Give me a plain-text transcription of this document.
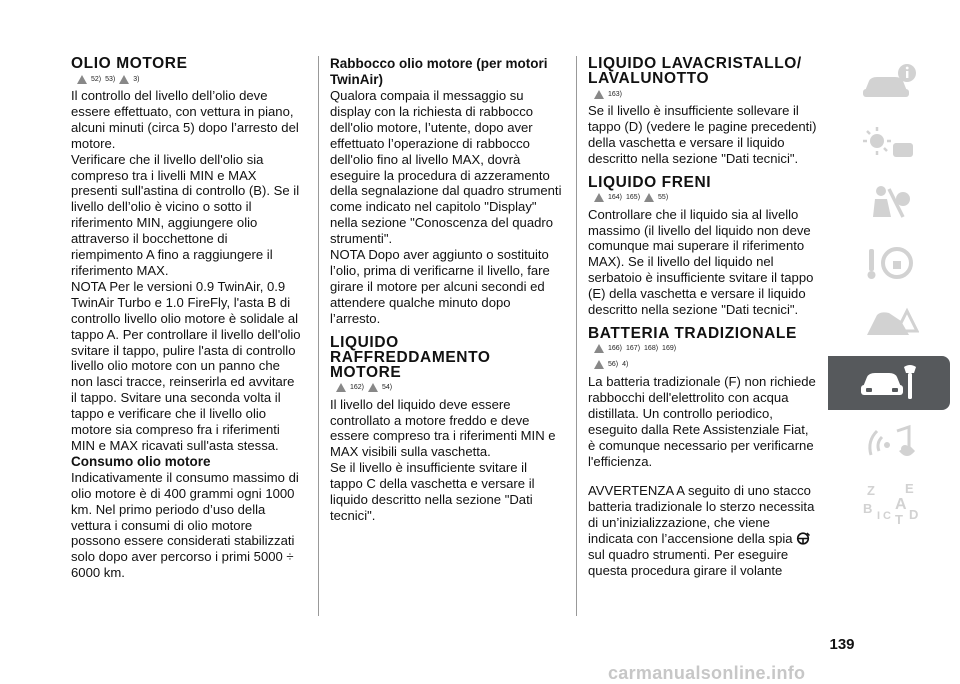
OLIO MOTORE
52) 53)	3)

Il controllo del livello dell’olio deve essere effettuato, con vettura in piano, alcuni minuti (circa 5) dopo l’arresto del motore.

Verificare che il livello dell'olio sia compreso tra i livelli MIN e MAX presenti sull'astina di controllo (B). Se il livello dell’olio è vicino o sotto il riferimento MIN, aggiungere olio attraverso il bocchettone di riempimento A fino a raggiungere il riferimento MAX.

NOTA Per le versioni 0.9 TwinAir, 0.9 TwinAir Turbo e 1.0 FireFly, l'asta B di controllo livello olio motore è solidale al tappo A. Per controllare il livello dell'olio svitare il tappo, pulire l'asta di controllo livello olio motore con un panno che non lasci tracce, reinserirla ed avvitare il tappo. Svitare una seconda volta il tappo e verificare che il livello olio motore sia compreso fra i riferimenti MIN e MAX ricavati sull'asta stessa.

Consumo olio motore

Indicativamente il consumo massimo di olio motore è di 400 grammi ogni 1000 km. Nel primo periodo d’uso della vettura i consumi di olio motore possono essere considerati stabilizzati solo dopo aver percorso i primi 5000 ÷ 6000 km.

Rabbocco olio motore (per motori TwinAir)

Qualora compaia il messaggio su display con la richiesta di rabbocco dell'olio motore, l’utente, dopo aver effettuato l’operazione di rabbocco dell'olio fino al livello MAX, dovrà eseguire la procedura di azzeramento della segnalazione dal quadro strumenti come indicato nel capitolo "Display" nella sezione "Conoscenza del quadro strumenti".

NOTA Dopo aver aggiunto o sostituito l’olio, prima di verificarne il livello, fare girare il motore per alcuni secondi ed attendere qualche minuto dopo l’arresto.

LIQUIDO RAFFREDDAMENTO MOTORE
162)	54)

Il livello del liquido deve essere controllato a motore freddo e deve essere compreso tra i riferimenti MIN e MAX visibili sulla vaschetta.

Se il livello è insufficiente svitare il tappo C della vaschetta e versare il liquido descritto nella sezione "Dati tecnici".

LIQUIDO LAVACRISTALLO/ LAVALUNOTTO
163)

Se il livello è insufficiente sollevare il tappo (D) (vedere le pagine precedenti) della vaschetta e versare il liquido descritto nella sezione "Dati tecnici".

LIQUIDO FRENI
164) 165)	55)

Controllare che il liquido sia al livello massimo (il livello del liquido non deve comunque mai superare il riferimento MAX). Se il livello del liquido nel serbatoio è insufficiente svitare il tappo (E) della vaschetta e versare il liquido descritto nella sezione "Dati tecnici".

BATTERIA TRADIZIONALE
166) 167) 168) 169)
56) 4)

La batteria tradizionale (F) non richiede rabbocchi dell'elettrolito con acqua distillata. Un controllo periodico, eseguito dalla Rete Assistenziale Fiat, è comunque necessario per verificarne l'efficienza.

AVVERTENZA A seguito di uno stacco batteria tradizionale lo sterzo necessita di un’inizializzazione, che viene indicata con l’accensione della spia sul quadro strumenti. Per eseguire questa procedura girare il volante

Z E
B A
I C T D
139
carmanualsonline.info
